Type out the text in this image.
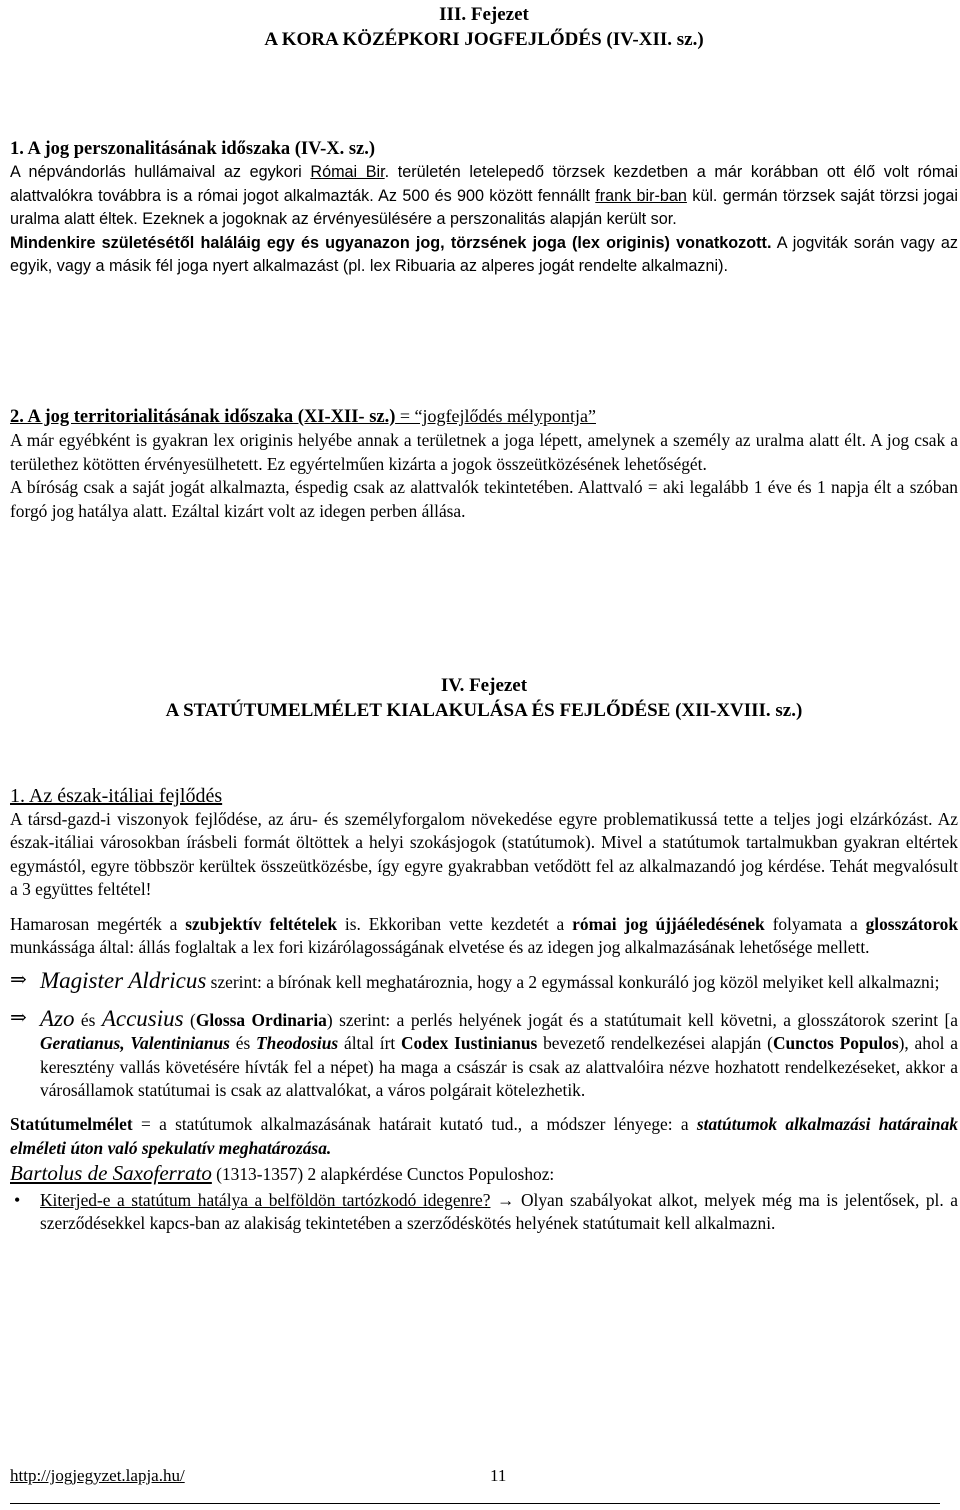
III. Fejezet
A KORA KÖZÉPKORI JOGFEJLŐDÉS (IV-XII. sz.)
1. A jog perszonalitásának időszaka (IV-X. sz.)
A népvándorlás hullámaival az egykori Római Bir. területén letelepedő törzsek kezdetben a már korábban ott élő volt római alattvalókra továbbra is a római jogot alkalmazták. Az 500 és 900 között fennállt frank bir-ban kül. germán törzsek saját törzsi jogai uralma alatt éltek. Ezeknek a jogoknak az érvényesülésére a perszonalitás alapján került sor.
Mindenkire születésétől haláláig egy és ugyanazon jog, törzsének joga (lex originis) vonatkozott. A jogviták során vagy az egyik, vagy a másik fél joga nyert alkalmazást (pl. lex Ribuaria az alperes jogát rendelte alkalmazni).
2. A jog territorialitásának időszaka (XI-XII- sz.) = “jogfejlődés mélypontja”
A már egyébként is gyakran lex originis helyébe annak a területnek a joga lépett, amelynek a személy az uralma alatt élt. A jog csak a területhez kötötten érvényesülhetett. Ez egyértelműen kizárta a jogok összeütközésének lehetőségét.
A bíróság csak a saját jogát alkalmazta, éspedig csak az alattvalók tekintetében. Alattvaló = aki legalább 1 éve és 1 napja élt a szóban forgó jog hatálya alatt. Ezáltal kizárt volt az idegen perben állása.
IV. Fejezet
A STATÚTUMELMÉLET KIALAKULÁSA ÉS FEJLŐDÉSE (XII-XVIII. sz.)
1. Az észak-itáliai fejlődés
A társd-gazd-i viszonyok fejlődése, az áru- és személyforgalom növekedése egyre problematikussá tette a teljes jogi elzárkózást. Az észak-itáliai városokban írásbeli formát öltöttek a helyi szokásjogok (statútumok). Mivel a statútumok tartalmukban gyakran eltértek egymástól, egyre többször kerültek összeütközésbe, így egyre gyakrabban vetődött fel az alkalmazandó jog kérdése. Tehát megvalósult a 3 együttes feltétel!
Hamarosan megérték a szubjektív feltételek is. Ekkoriban vette kezdetét a római jog újjáéledésének folyamata a glosszátorok munkássága által: állás foglaltak a lex fori kizárólagosságának elvetése és az idegen jog alkalmazásának lehetősége mellett.
⇒ Magister Aldricus szerint: a bírónak kell meghatároznia, hogy a 2 egymással konkuráló jog közöl melyiket kell alkalmazni;
⇒ Azo és Accusius (Glossa Ordinaria) szerint: a perlés helyének jogát és a statútumait kell követni, a glosszátorok szerint [a Geratianus, Valentinianus és Theodosius által írt Codex Iustinianus bevezető rendelkezései alapján (Cunctos Populos), ahol a keresztény vallás követésére hívták fel a népet) ha maga a császár is csak az alattvalóira nézve hozhatott rendelkezéseket, akkor a városállamok statútumai is csak az alattvalókat, a város polgárait kötelezhetik.
Statútumelmélet = a statútumok alkalmazásának határait kutató tud., a módszer lényege: a statútumok alkalmazási határainak elméleti úton való spekulatív meghatározása.
Bartolus de Saxoferrato (1313-1357) 2 alapkérdése Cunctos Populoshoz:
•	Kiterjed-e a statútum hatálya a belföldön tartózkodó idegenre? → Olyan szabályokat alkot, melyek még ma is jelentősek, pl. a szerződésekkel kapcs-ban az alakiság tekintetében a szerződéskötés helyének statútumait kell alkalmazni.
http://jogjegyzet.lapja.hu/	11
